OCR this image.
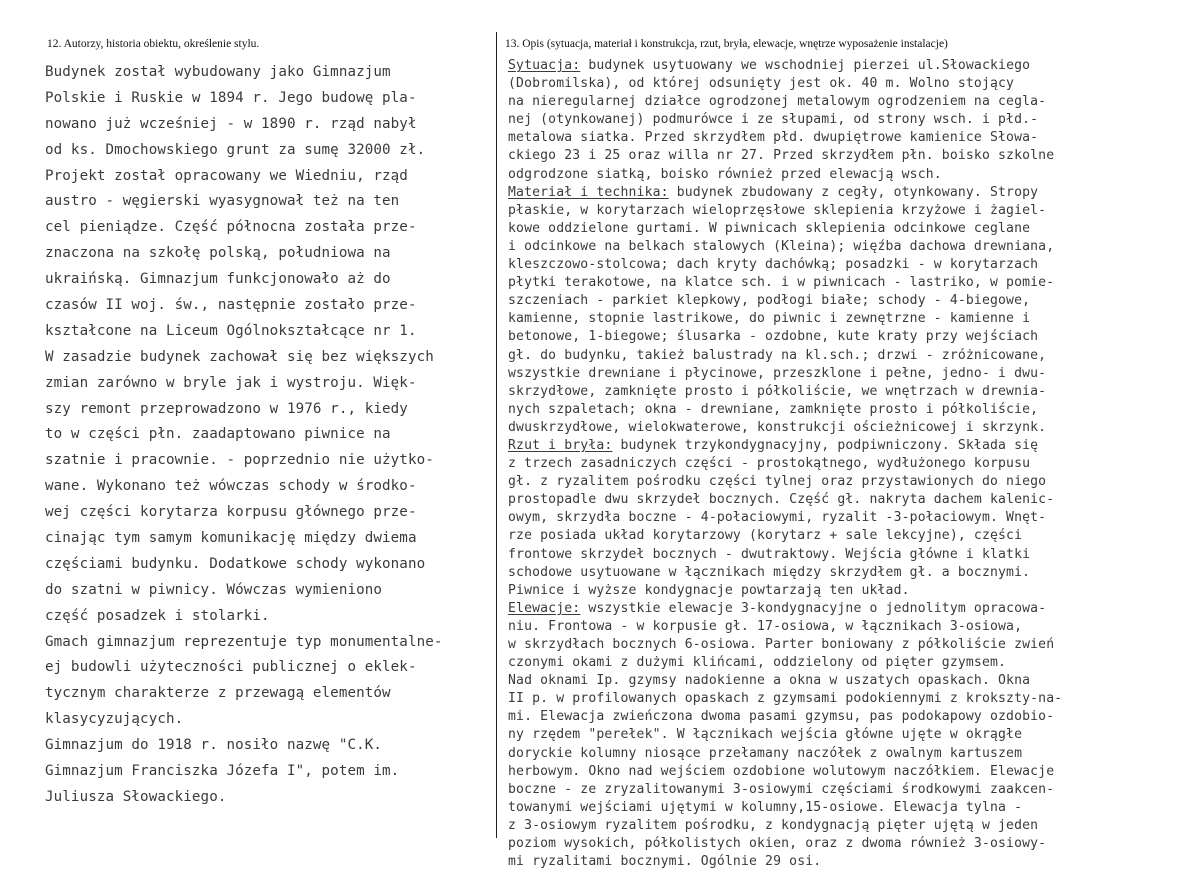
12. Autorzy, historia obiektu, określenie stylu.	13. Opis (sytuacja, materiał i konstrukcja, rzut, bryła, elewacje, wnętrze wyposażenie instalacje)
Budynek został wybudowany jako Gimnazjum
Polskie i Ruskie w 1894 r. Jego budowę pla-
nowano już wcześniej - w 1890 r. rząd nabył
od ks. Dmochowskiego grunt za sumę 32000 zł.
Projekt został opracowany we Wiedniu, rząd
austro - węgierski wyasygnował też na ten
cel pieniądze. Część północna została prze-
znaczona na szkołę polską, południowa na
ukraińską. Gimnazjum funkcjonowało aż do
czasów II woj. św., następnie zostało prze-
kształcone na Liceum Ogólnokształcące nr 1.
W zasadzie budynek zachował się bez większych
zmian zarówno w bryle jak i wystroju. Więk-
szy remont przeprowadzono w 1976 r., kiedy
to w części płn. zaadaptowano piwnice na
szatnie i pracownie. - poprzednio nie użytko-
wane. Wykonano też wówczas schody w środko-
wej części korytarza korpusu głównego prze-
cinając tym samym komunikację między dwiema
częściami budynku. Dodatkowe schody wykonano
do szatni w piwnicy. Wówczas wymieniono
część posadzek i stolarki.
Gmach gimnazjum reprezentuje typ monumentalne-
ej budowli użyteczności publicznej o eklek-
tycznym charakterze z przewagą elementów
klasycyzujących.
Gimnazjum do 1918 r. nosiło nazwę "C.K.
Gimnazjum Franciszka Józefa I", potem im.
Juliusza Słowackiego.
Sytuacja: budynek usytuowany we wschodniej pierzei ul.Słowackiego
(Dobromilska), od której odsunięty jest ok. 40 m. Wolno stojący
na nieregularnej działce ogrodzonej metalowym ogrodzeniem na cegla-
nej (otynkowanej) podmurówce i ze słupami, od strony wsch. i płd.-
metalowa siatka. Przed skrzydłem płd. dwupiętrowe kamienice Słowa-
ckiego 23 i 25 oraz willa nr 27. Przed skrzydłem płn. boisko szkolne
odgrodzone siatką, boisko również przed elewacją wsch.
Materiał i technika: budynek zbudowany z cegły, otynkowany. Stropy
płaskie, w korytarzach wieloprzęsłowe sklepienia krzyżowe i żagiel-
kowe oddzielone gurtami. W piwnicach sklepienia odcinkowe ceglane
i odcinkowe na belkach stalowych (Kleina); więźba dachowa drewniana,
kleszczowo-stolcowa; dach kryty dachówką; posadzki - w korytarzach
płytki terakotowe, na klatce sch. i w piwnicach - lastriko, w pomie-
szczeniach - parkiet klepkowy, podłogi białe; schody - 4-biegowe,
kamienne, stopnie lastrikowe, do piwnic i zewnętrzne - kamienne i
betonowe, 1-biegowe; ślusarka - ozdobne, kute kraty przy wejściach
gł. do budynku, takież balustrady na kl.sch.; drzwi - zróżnicowane,
wszystkie drewniane i płycinowe, przeszklone i pełne, jedno- i dwu-
skrzydłowe, zamknięte prosto i półkoliście, we wnętrzach w drewnia-
nych szpaletach; okna - drewniane, zamknięte prosto i półkoliście,
dwuskrzydłowe, wielokwaterowe, konstrukcji ościeżnicowej i skrzynk.
Rzut i bryła: budynek trzykondygnacyjny, podpiwniczony. Składa się
z trzech zasadniczych części - prostokątnego, wydłużonego korpusu
gł. z ryzalitem pośrodku części tylnej oraz przystawionych do niego
prostopadle dwu skrzydeł bocznych. Część gł. nakryta dachem kalenic-
owym, skrzydła boczne - 4-połaciowymi, ryzalit -3-połaciowym. Wnęt-
rze posiada układ korytarzowy (korytarz + sale lekcyjne), części
frontowe skrzydeł bocznych - dwutraktowy. Wejścia główne i klatki
schodowe usytuowane w łącznikach między skrzydłem gł. a bocznymi.
Piwnice i wyższe kondygnacje powtarzają ten układ.
Elewacje: wszystkie elewacje 3-kondygnacyjne o jednolitym opracowa-
niu. Frontowa - w korpusie gł. 17-osiowa, w łącznikach 3-osiowa,
w skrzydłach bocznych 6-osiowa. Parter boniowany z półkoliście zwień
czonymi okami z dużymi klińcami, oddzielony od pięter gzymsem.
Nad oknami Ip. gzymsy nadokienne a okna w uszatych opaskach. Okna
II p. w profilowanych opaskach z gzymsami podokiennymi z krokszty-na-
mi. Elewacja zwieńczona dwoma pasami gzymsu, pas podokapowy ozdobio-
ny rzędem "perełek". W łącznikach wejścia główne ujęte w okrągłe
doryckie kolumny niosące przełamany naczółek z owalnym kartuszem
herbowym. Okno nad wejściem ozdobione wolutowym naczółkiem. Elewacje
boczne - ze zryzalitowanymi 3-osiowymi częściami środkowymi zaakcen-
towanymi wejściami ujętymi w kolumny,15-osiowe. Elewacja tylna -
z 3-osiowym ryzalitem pośrodku, z kondygnacją pięter ujętą w jeden
poziom wysokich, półkolistych okien, oraz z dwoma również 3-osiowy-
mi ryzalitami bocznymi. Ogólnie 29 osi.
